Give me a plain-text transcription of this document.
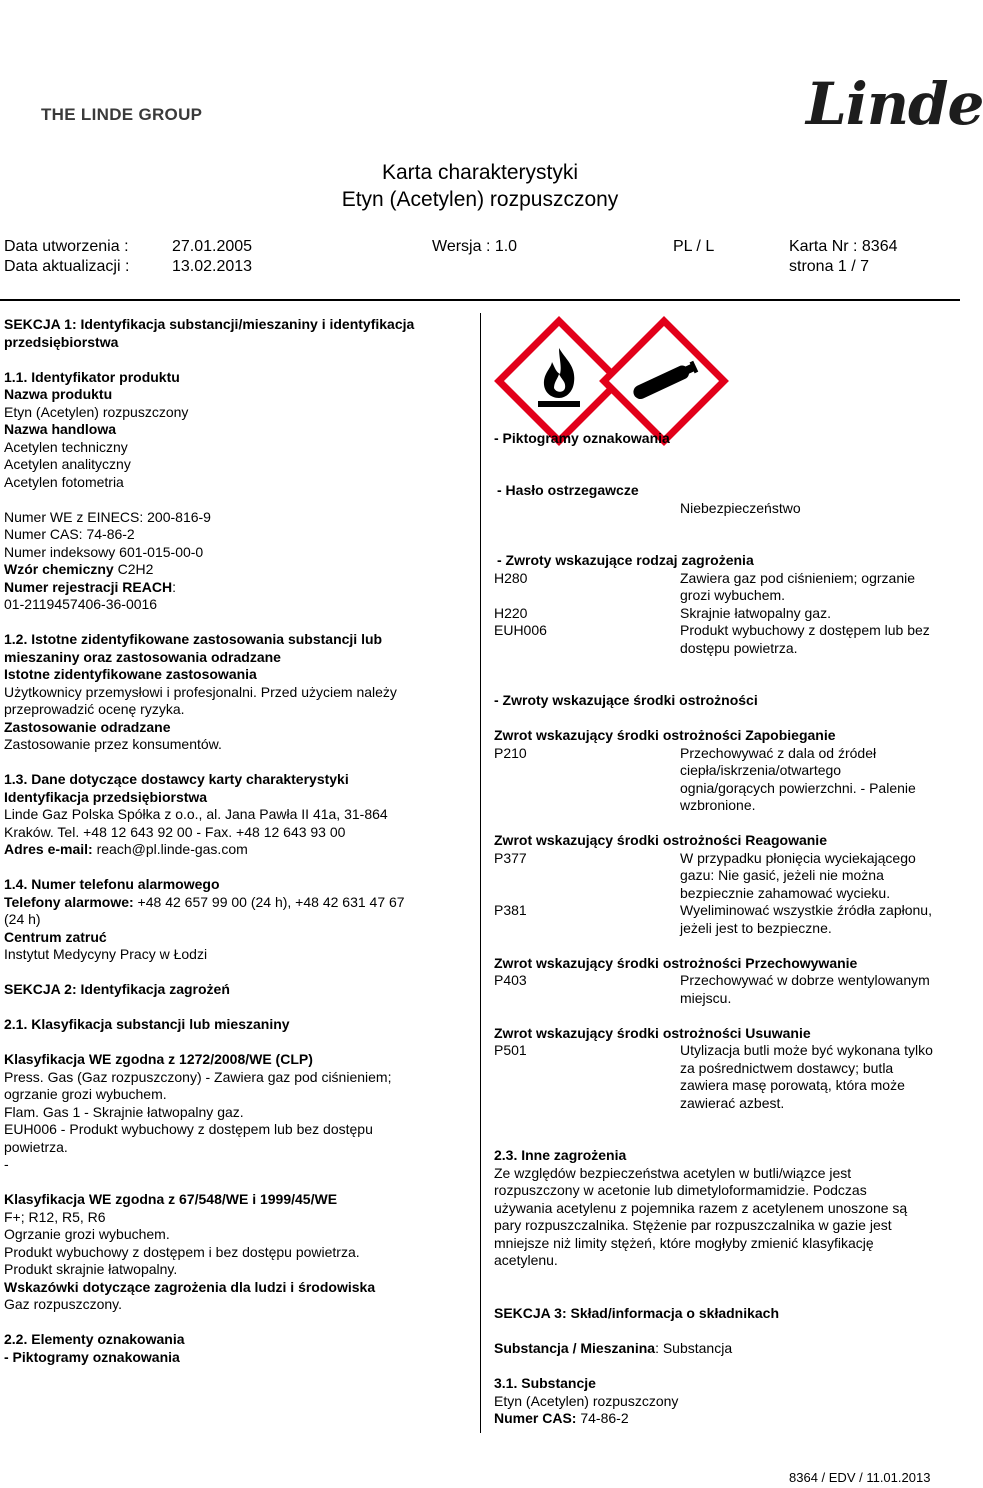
THE LINDE GROUP	Linde
Karta charakterystyki
Etyn (Acetylen) rozpuszczony
Data utworzenia :	27.01.2005	Wersja : 1.0	PL / L	Karta Nr : 8364
Data aktualizacji :	13.02.2013	strona 1 / 7
SEKCJA 1: Identyfikacja substancji/mieszaniny i identyfikacja
przedsiębiorstwa
1.1. Identyfikator produktu
Nazwa produktu
Etyn (Acetylen) rozpuszczony
Nazwa handlowa
Acetylen techniczny
Acetylen analityczny
Acetylen fotometria
Numer WE z EINECS: 200-816-9
Numer CAS: 74-86-2
Numer indeksowy 601-015-00-0
Wzór chemiczny C2H2
Numer rejestracji REACH:
01-2119457406-36-0016
1.2. Istotne zidentyfikowane zastosowania substancji lub
mieszaniny oraz zastosowania odradzane
Istotne zidentyfikowane zastosowania
Użytkownicy przemysłowi i profesjonalni. Przed użyciem należy
przeprowadzić ocenę ryzyka.
Zastosowanie odradzane
Zastosowanie przez konsumentów.
1.3. Dane dotyczące dostawcy karty charakterystyki
Identyfikacja przedsiębiorstwa
Linde Gaz Polska Spółka z o.o., al. Jana Pawła II 41a, 31-864
Kraków. Tel. +48 12 643 92 00 - Fax. +48 12 643 93 00
Adres e-mail: reach@pl.linde-gas.com
1.4. Numer telefonu alarmowego
Telefony alarmowe: +48 42 657 99 00 (24 h), +48 42 631 47 67
(24 h)
Centrum zatruć
Instytut Medycyny Pracy w Łodzi
SEKCJA 2: Identyfikacja zagrożeń
2.1. Klasyfikacja substancji lub mieszaniny
Klasyfikacja WE zgodna z 1272/2008/WE (CLP)
Press. Gas (Gaz rozpuszczony) - Zawiera gaz pod ciśnieniem;
ogrzanie grozi wybuchem.
Flam. Gas 1 - Skrajnie łatwopalny gaz.
EUH006 - Produkt wybuchowy z dostępem lub bez dostępu
powietrza.
-
Klasyfikacja WE zgodna z 67/548/WE i 1999/45/WE
F+; R12, R5, R6
Ogrzanie grozi wybuchem.
Produkt wybuchowy z dostępem i bez dostępu powietrza.
Produkt skrajnie łatwopalny.
Wskazówki dotyczące zagrożenia dla ludzi i środowiska
Gaz rozpuszczony.
2.2. Elementy oznakowania
- Piktogramy oznakowania
- Piktogramy oznakowania
- Hasło ostrzegawcze
Niebezpieczeństwo
- Zwroty wskazujące rodzaj zagrożenia
H280	Zawiera gaz pod ciśnieniem; ogrzanie
grozi wybuchem.
H220	Skrajnie łatwopalny gaz.
EUH006	Produkt wybuchowy z dostępem lub bez
dostępu powietrza.
- Zwroty wskazujące środki ostrożności
Zwrot wskazujący środki ostrożności Zapobieganie
P210	Przechowywać z dala od źródeł
ciepła/iskrzenia/otwartego
ognia/gorących powierzchni. - Palenie
wzbronione.
Zwrot wskazujący środki ostrożności Reagowanie
P377	W przypadku płonięcia wyciekającego
gazu: Nie gasić, jeżeli nie można
bezpiecznie zahamować wycieku.
P381	Wyeliminować wszystkie źródła zapłonu,
jeżeli jest to bezpieczne.
Zwrot wskazujący środki ostrożności Przechowywanie
P403	Przechowywać w dobrze wentylowanym
miejscu.
Zwrot wskazujący środki ostrożności Usuwanie
P501	Utylizacja butli może być wykonana tylko
za pośrednictwem dostawcy; butla
zawiera masę porowatą, która może
zawierać azbest.
2.3. Inne zagrożenia
Ze względów bezpieczeństwa acetylen w butli/wiązce jest
rozpuszczony w acetonie lub dimetyloformamidzie. Podczas
używania acetylenu z pojemnika razem z acetylenem unoszone są
pary rozpuszczalnika. Stężenie par rozpuszczalnika w gazie jest
mniejsze niż limity stężeń, które mogłyby zmienić klasyfikację
acetylenu.
SEKCJA 3: Skład/informacja o składnikach
Substancja / Mieszanina: Substancja
3.1. Substancje
Etyn (Acetylen) rozpuszczony
Numer CAS: 74-86-2
8364 / EDV / 11.01.2013
